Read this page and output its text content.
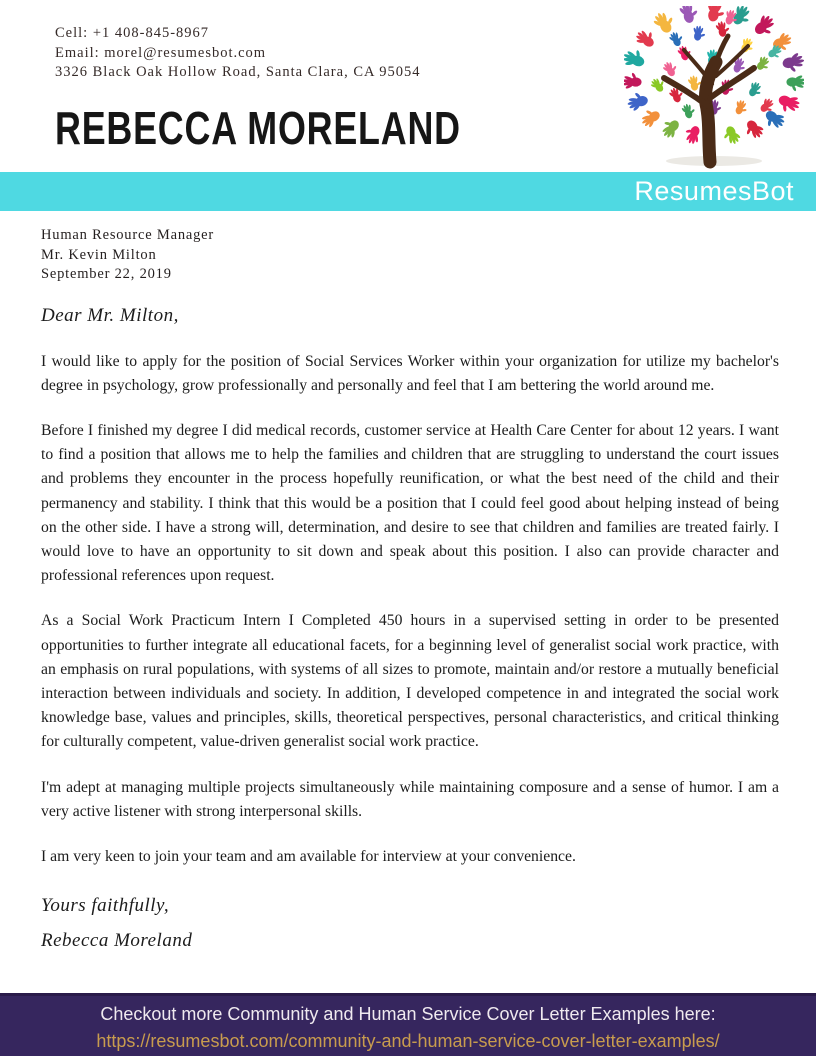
Cell: +1 408-845-8967
Email: morel@resumesbot.com
3326 Black Oak Hollow Road, Santa Clara, CA 95054
REBECCA MORELAND
ResumesBot
Human Resource Manager
Mr. Kevin Milton
September 22, 2019
Dear Mr. Milton,

I would like to apply for the position of Social Services Worker within your organization for utilize my bachelor's degree in psychology, grow professionally and personally and feel that I am bettering the world around me.

Before I finished my degree I did medical records, customer service at Health Care Center for about 12 years. I want to find a position that allows me to help the families and children that are struggling to understand the court issues and problems they encounter in the process hopefully reunification, or what the best need of the child and their permanency and stability. I think that this would be a position that I could feel good about helping instead of being on the other side. I have a strong will, determination, and desire to see that children and families are treated fairly. I would love to have an opportunity to sit down and speak about this position. I also can provide character and professional references upon request.

As a Social Work Practicum Intern I Completed 450 hours in a supervised setting in order to be presented opportunities to further integrate all educational facets, for a beginning level of generalist social work practice, with an emphasis on rural populations, with systems of all sizes to promote, maintain and/or restore a mutually beneficial interaction between individuals and society. In addition, I developed competence in and integrated the social work knowledge base, values and principles, skills, theoretical perspectives, personal characteristics, and critical thinking for culturally competent, value-driven generalist social work practice.

I'm adept at managing multiple projects simultaneously while maintaining composure and a sense of humor. I am a very active listener with strong interpersonal skills.

I am very keen to join your team and am available for interview at your convenience.

Yours faithfully,
Rebecca Moreland
Checkout more Community and Human Service Cover Letter Examples here:
https://resumesbot.com/community-and-human-service-cover-letter-examples/
